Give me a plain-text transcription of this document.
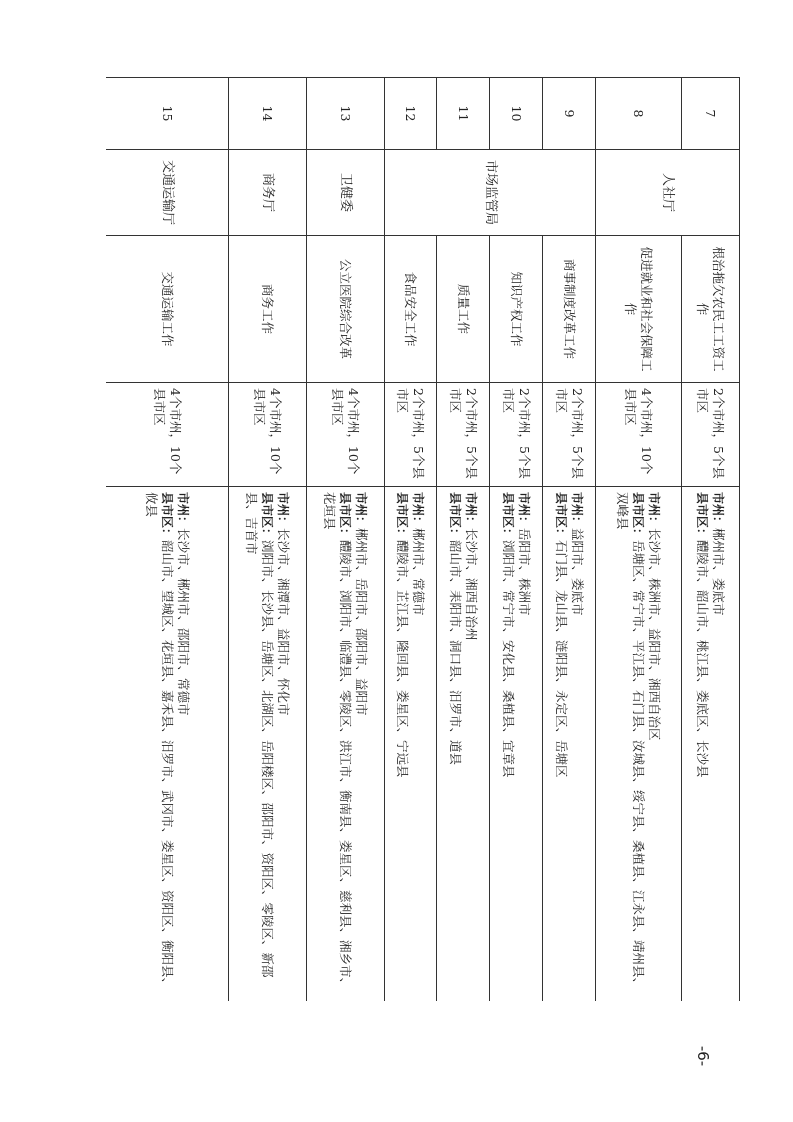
7	人社厅	根治拖欠农民工工资工作	2个市州，5个县市区	市州：郴州市、娄底市
县市区：醴陵市、韶山市、桃江县、娄底区、长沙县

8		促进就业和社会保障工作	4个市州，10个县市区	市州：长沙市、株洲市、益阳市、湘西自治区
县市区：岳塘区、常宁市、平江县、石门县、汝城县、绥宁县、桑植县、江永县、靖州县、双峰县

9	市场监管局	商事制度改革工作	2个市州，5个县市区	市州：益阳市、娄底市
县市区：石门县、龙山县、涟阳县、永定区、岳塘区

10		知识产权工作	2个市州，5个县市区	市州：岳阳市、株洲市
县市区：浏阳市、常宁市、安化县、桑植县、宜章县

11		质量工作	2个市州，5个县市区	市州：长沙市、湘西自治州
县市区：韶山市、耒阳市、洞口县、汨罗市、道县

12		食品安全工作	2个市州，5个县市区	市州：郴州市、常德市
县市区：醴陵市、芷江县、隆回县、娄星区、宁远县

13	卫健委	公立医院综合改革	4个市州，10个县市区	市州：郴州市、岳阳市、邵阳市、益阳市
县市区：醴陵市、浏阳市、临澧县、零陵区、洪江市、衡南县、娄星区、慈利县、湘乡市、花垣县

14	商务厅	商务工作	4个市州，10个县市区	市州：长沙市、湘潭市、益阳市、怀化市
县市区：浏阳市、长沙县、岳塘区、北湖区、岳阳楼区、邵阳市、资阳区、零陵区、新邵县、吉首市

15	交通运输厅	交通运输工作	4个市州，10个县市区	市州：长沙市、郴州市、邵阳市、常德市
县市区：韶山市、望城区、花垣县、嘉禾县、汨罗市、武冈市、娄星区、资阳区、衡阳县、攸县
-6-
